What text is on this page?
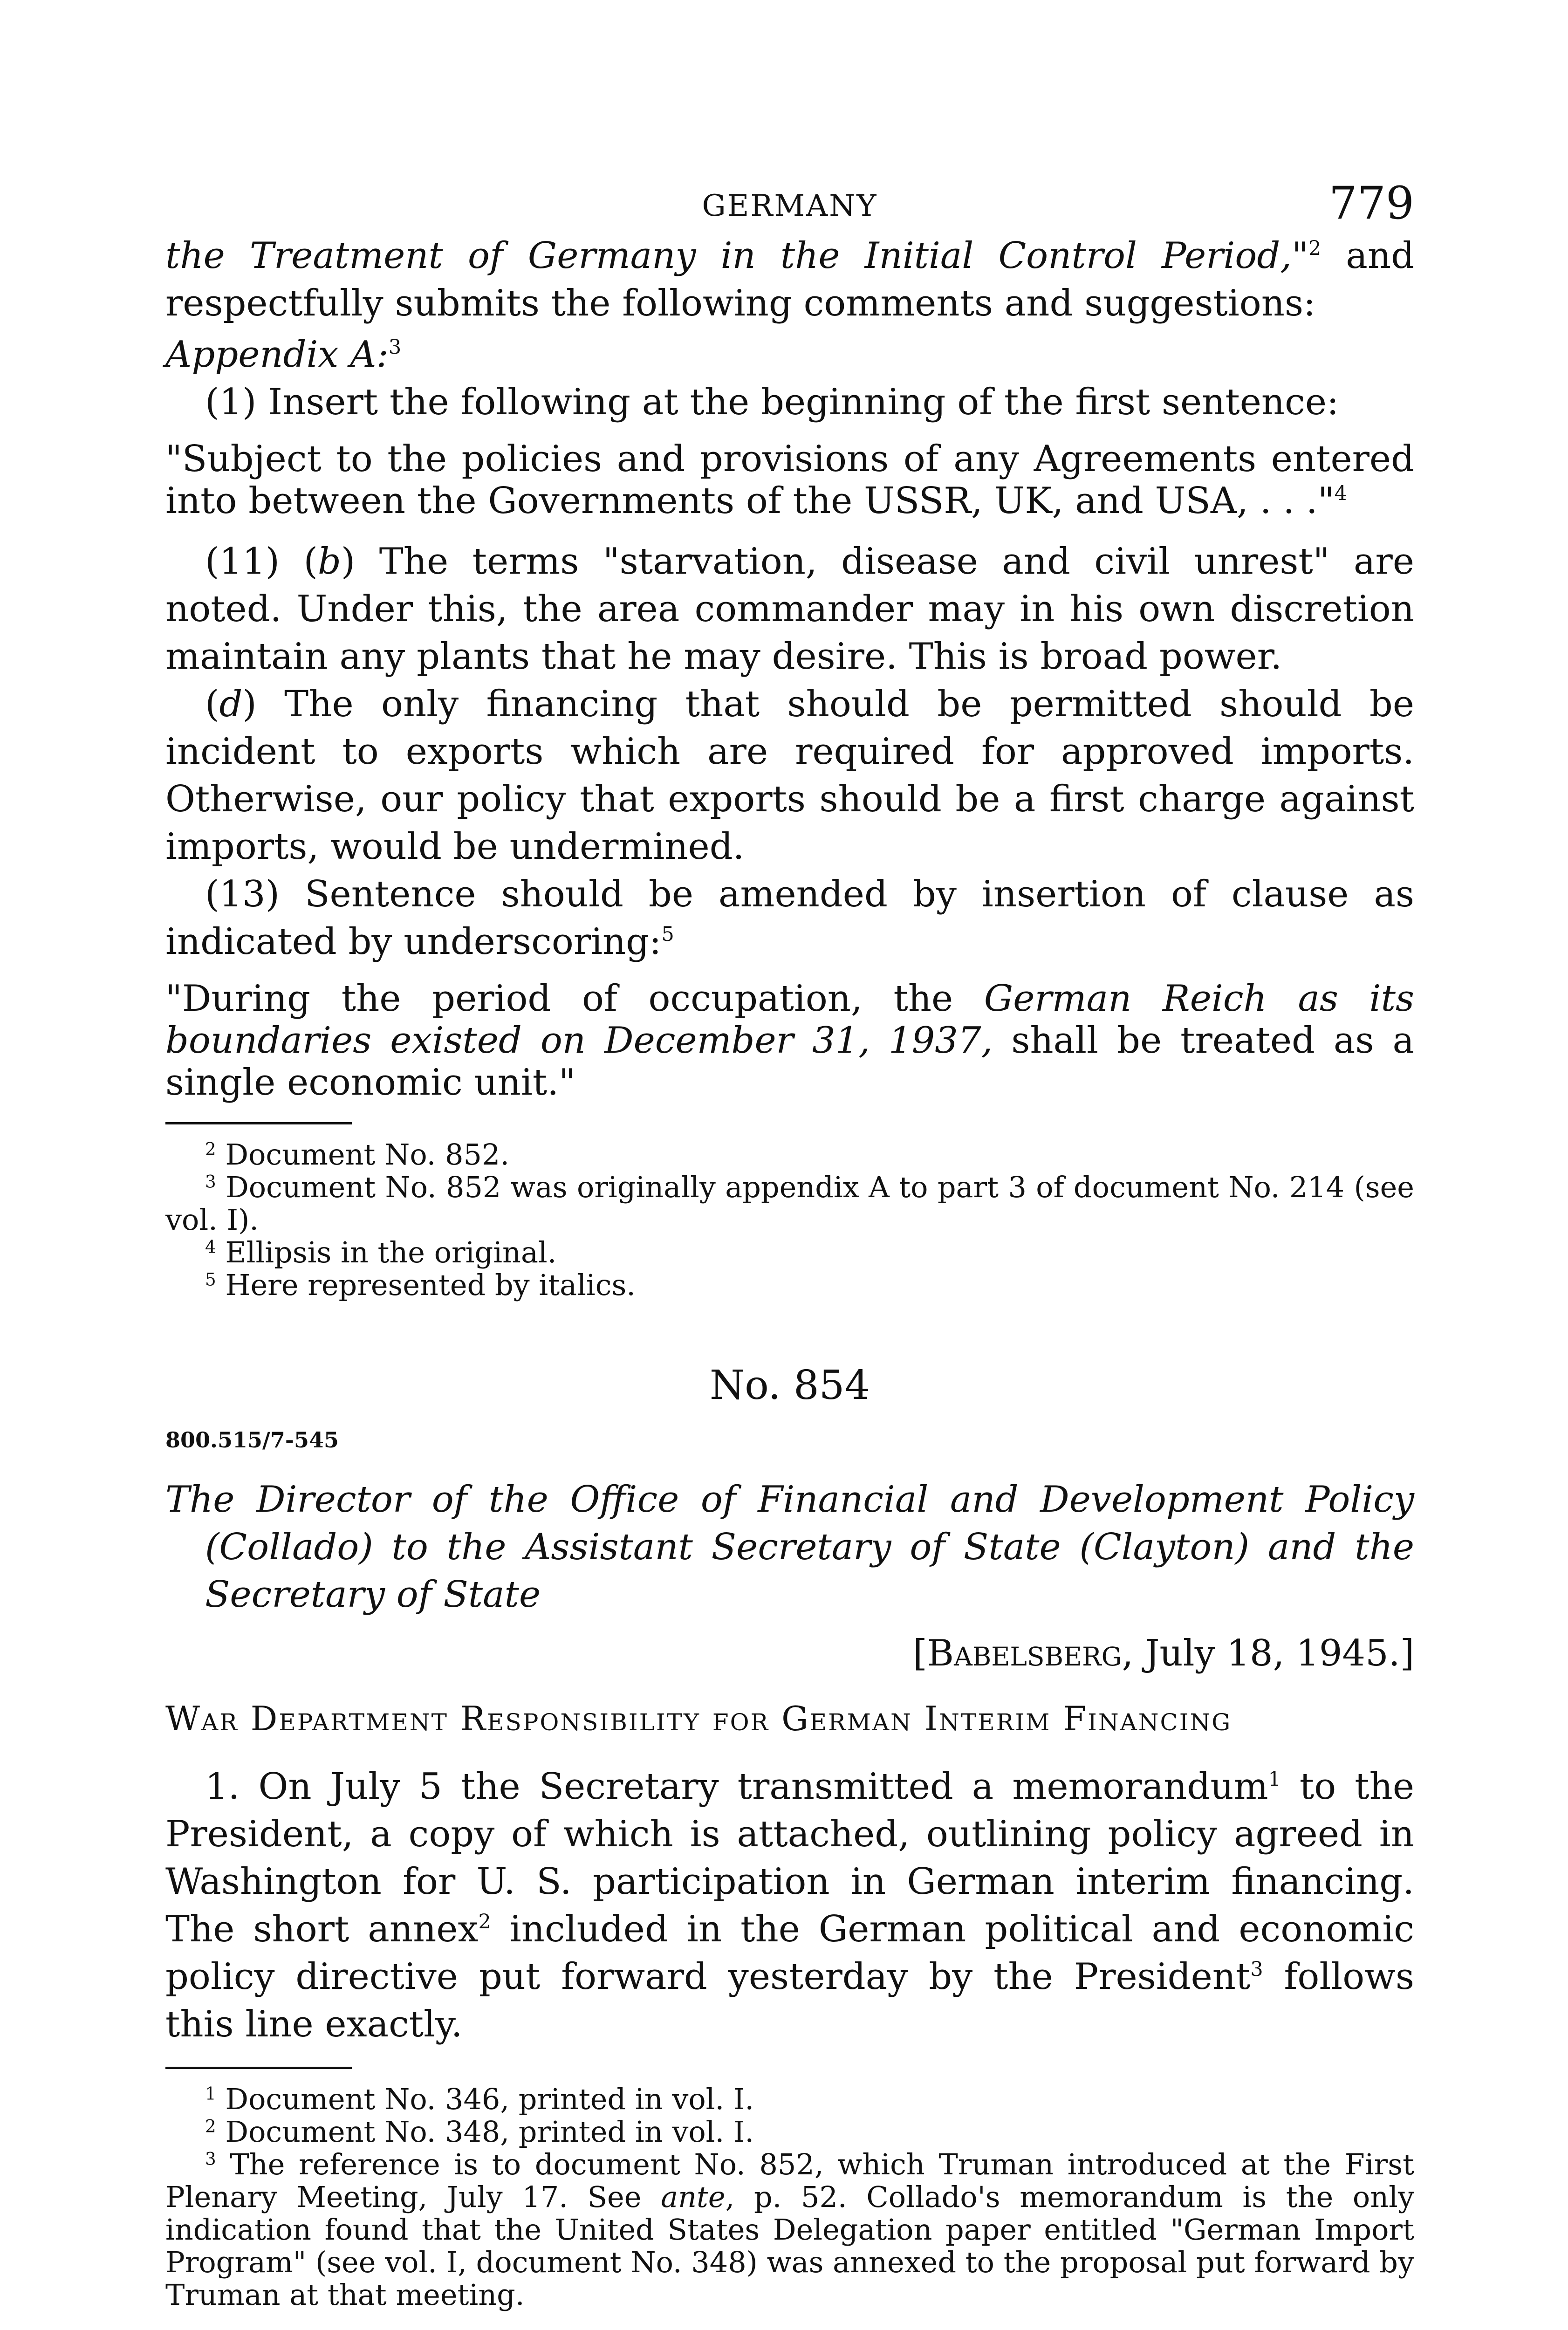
GERMANY	779

the Treatment of Germany in the Initial Control Period,"$^2$ and respectfully submits the following comments and suggestions:

Appendix A:$^3$

(1) Insert the following at the beginning of the first sentence:

"Subject to the policies and provisions of any Agreements entered into between the Governments of the USSR, UK, and USA, . . ."$^4$

(11) (b) The terms "starvation, disease and civil unrest" are noted. Under this, the area commander may in his own discretion maintain any plants that he may desire. This is broad power.

(d) The only financing that should be permitted should be incident to exports which are required for approved imports. Otherwise, our policy that exports should be a first charge against imports, would be undermined.

(13) Sentence should be amended by insertion of clause as indicated by underscoring:$^5$

"During the period of occupation, the German Reich as its boundaries existed on December 31, 1937, shall be treated as a single economic unit."

$^2$ Document No. 852.

$^3$ Document No. 852 was originally appendix A to part 3 of document No. 214 (see vol. I).

$^4$ Ellipsis in the original.

$^5$ Here represented by italics.

No. 854
800.515/7-545

The Director of the Office of Financial and Development Policy (Collado) to the Assistant Secretary of State (Clayton) and the Secretary of State

[Babelsberg, July 18, 1945.]

War Department Responsibility for German Interim Financing

1. On July 5 the Secretary transmitted a memorandum$^1$ to the President, a copy of which is attached, outlining policy agreed in Washington for U. S. participation in German interim financing. The short annex$^2$ included in the German political and economic policy directive put forward yesterday by the President$^3$ follows this line exactly.

$^1$ Document No. 346, printed in vol. I.

$^2$ Document No. 348, printed in vol. I.

$^3$ The reference is to document No. 852, which Truman introduced at the First Plenary Meeting, July 17. See ante, p. 52. Collado's memorandum is the only indication found that the United States Delegation paper entitled "German Import Program" (see vol. I, document No. 348) was annexed to the proposal put forward by Truman at that meeting.
